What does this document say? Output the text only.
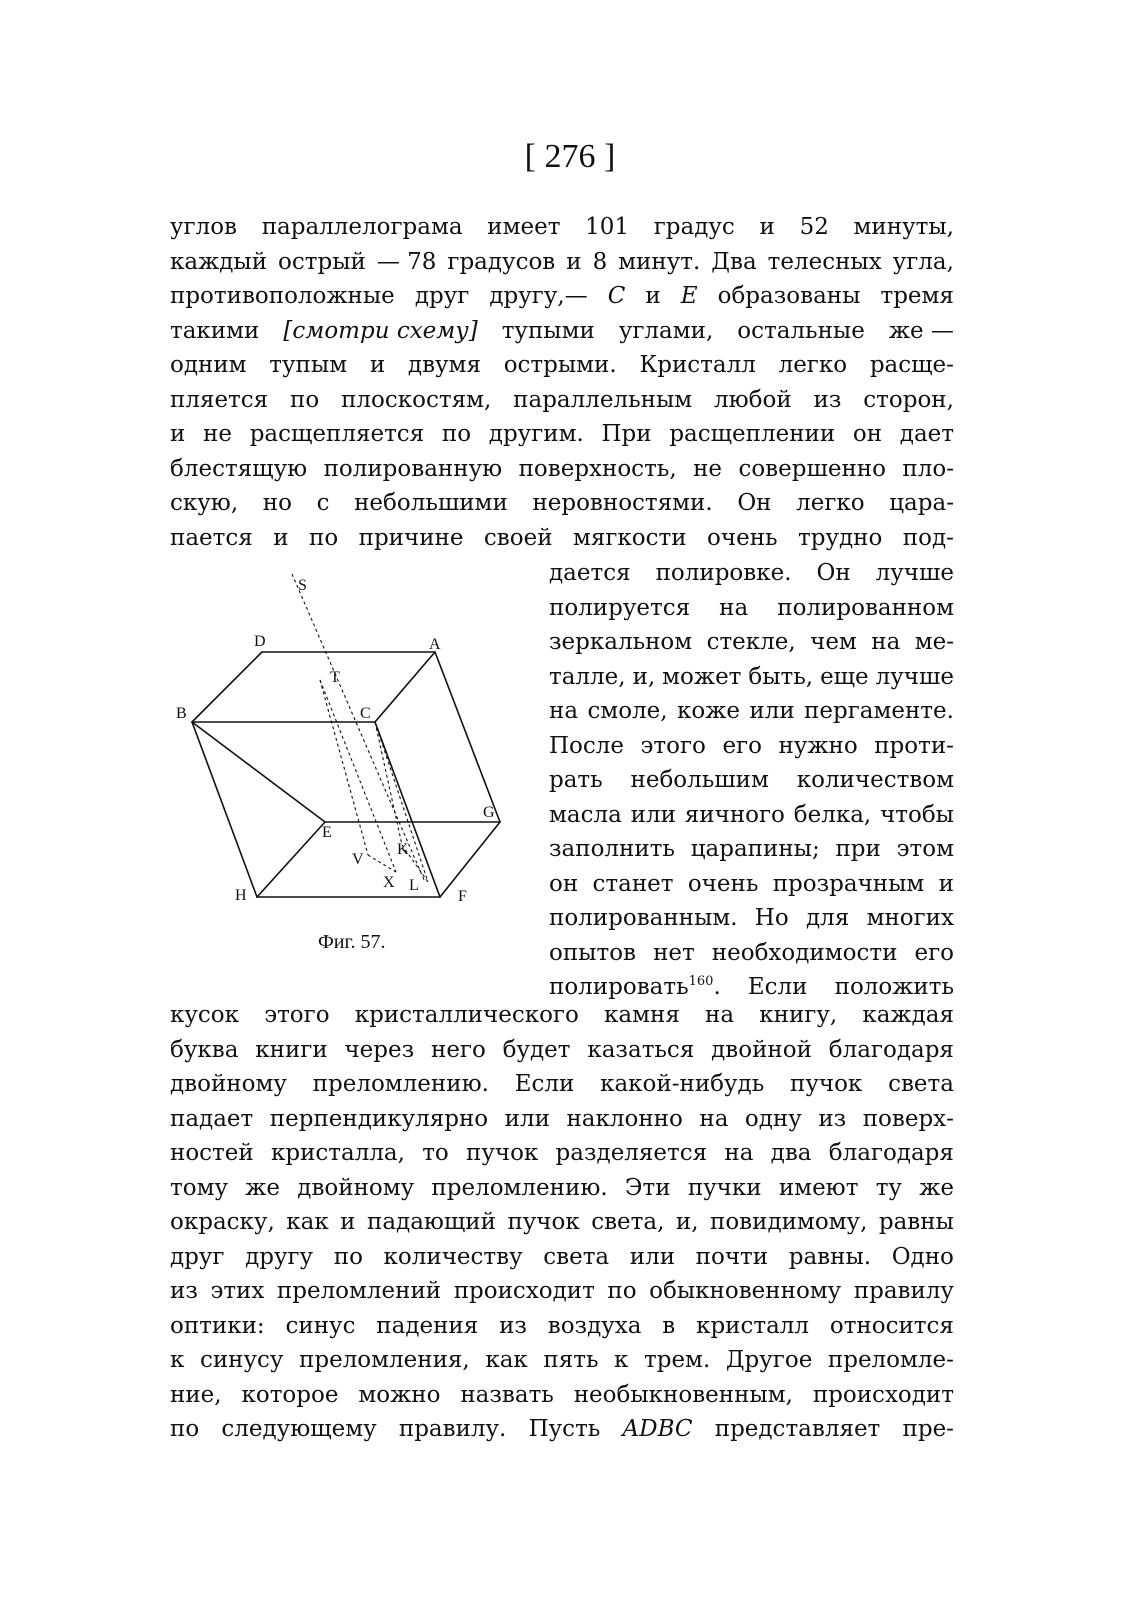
[ 276 ]
углов параллелограма имеет 101 градус и 52 минуты,
каждый острый — 78 градусов и 8 минут. Два телесных угла,
противоположные друг другу,— C и E образованы тремя
такими [смотри схему] тупыми углами, остальные же —
одним тупым и двумя острыми. Кристалл легко расще-
пляется по плоскостям, параллельным любой из сторон,
и не расщепляется по другим. При расщеплении он дает
блестящую полированную поверхность, не совершенно пло-
скую, но с небольшими неровностями. Он легко цара-
пается и по причине своей мягкости очень трудно под-
S
D	A
T
B	C
G
E
V
K
X L
H	F
Фиг. 57.
дается полировке. Он лучше
полируется на полированном
зеркальном стекле, чем на ме-
талле, и, может быть, еще лучше
на смоле, коже или пергаменте.
После этого его нужно проти-
рать небольшим количеством
масла или яичного белка, чтобы
заполнить царапины; при этом
он станет очень прозрачным и
полированным. Но для многих
опытов нет необходимости его
полировать$^{160}$. Если положить
кусок этого кристаллического камня на книгу, каждая
буква книги через него будет казаться двойной благодаря
двойному преломлению. Если какой-нибудь пучок света
падает перпендикулярно или наклонно на одну из поверх-
ностей кристалла, то пучок разделяется на два благодаря
тому же двойному преломлению. Эти пучки имеют ту же
окраску, как и падающий пучок света, и, повидимому, равны
друг другу по количеству света или почти равны. Одно
из этих преломлений происходит по обыкновенному правилу
оптики: синус падения из воздуха в кристалл относится
к синусу преломления, как пять к трем. Другое преломле-
ние, которое можно назвать необыкновенным, происходит
по следующему правилу. Пусть ADBC представляет пре-
